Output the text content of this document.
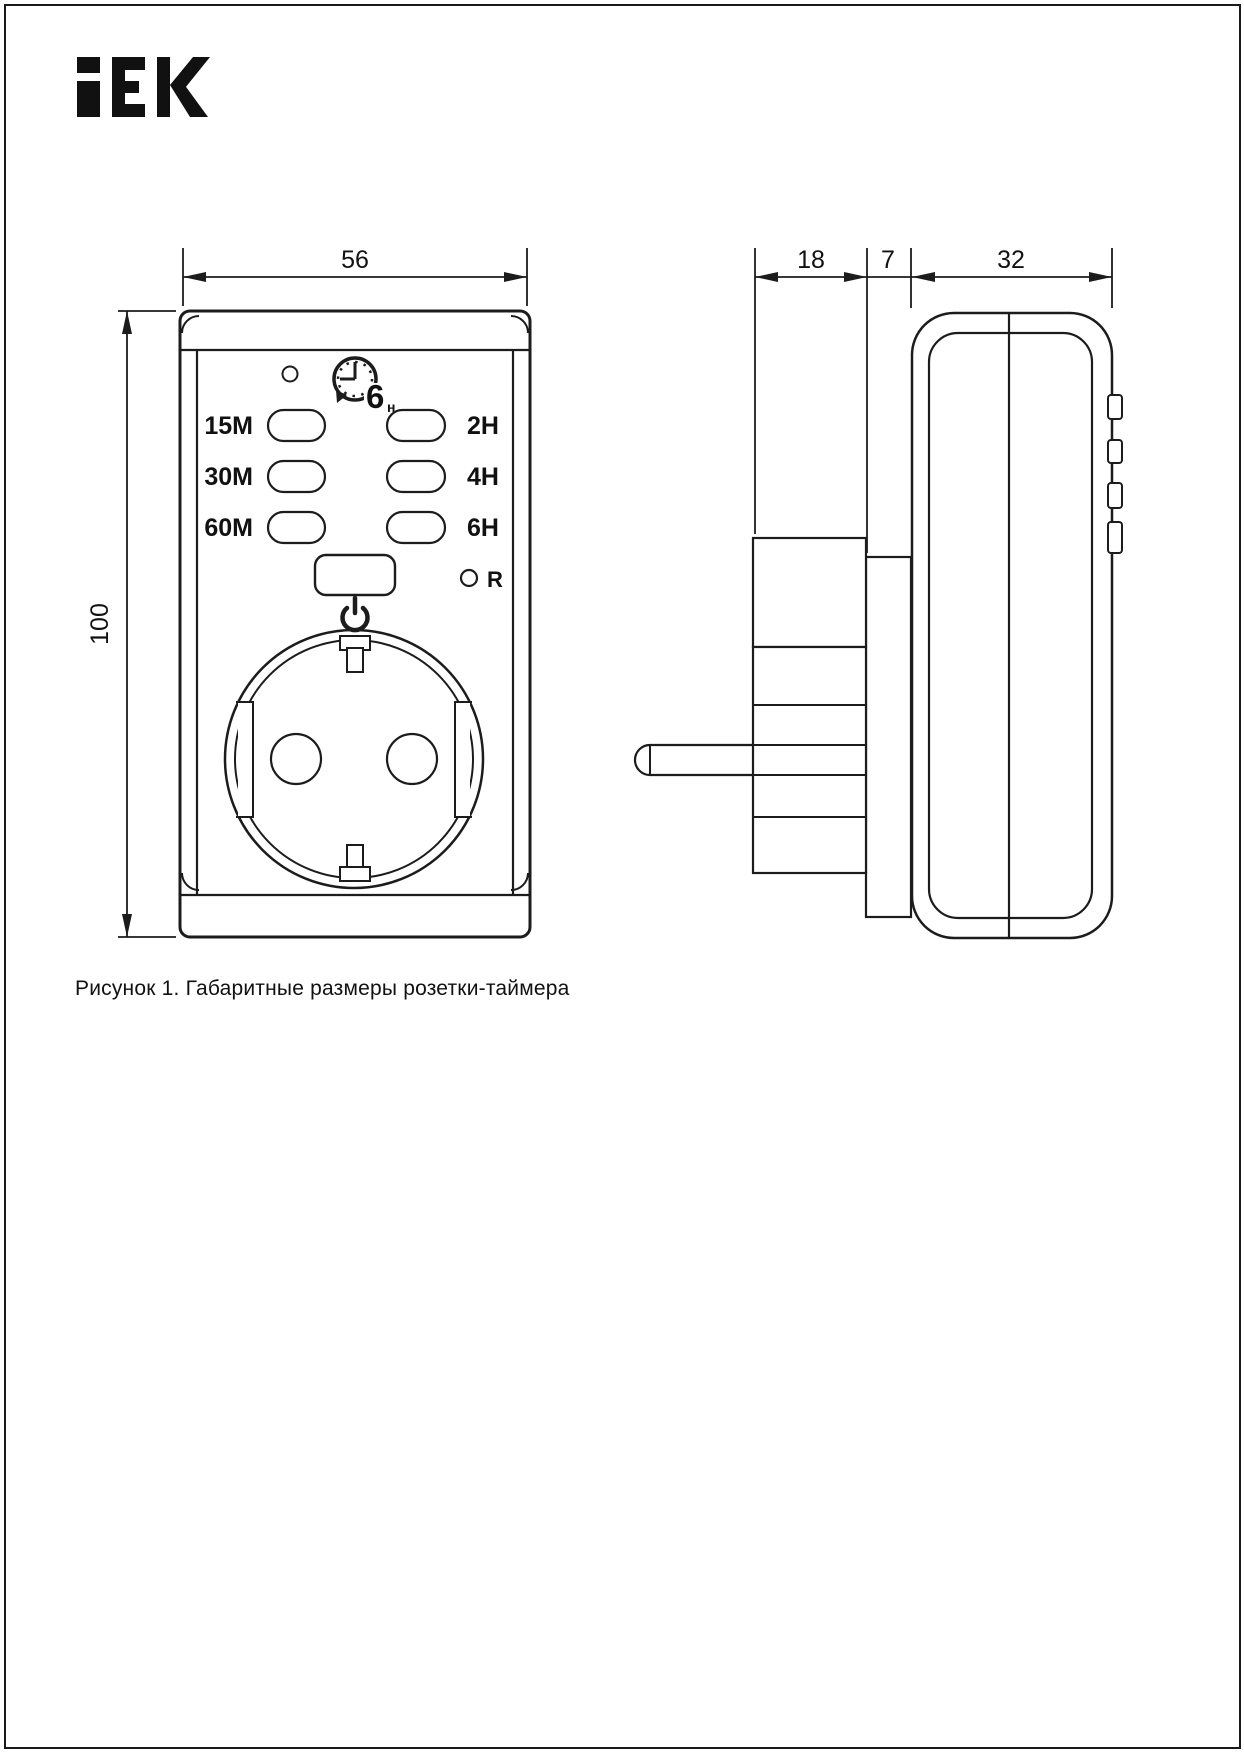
6 н
15M
30M
60M
2H
4H
6H
R
56
100
18 7	32
Рисунок 1. Габаритные размеры розетки-таймера
